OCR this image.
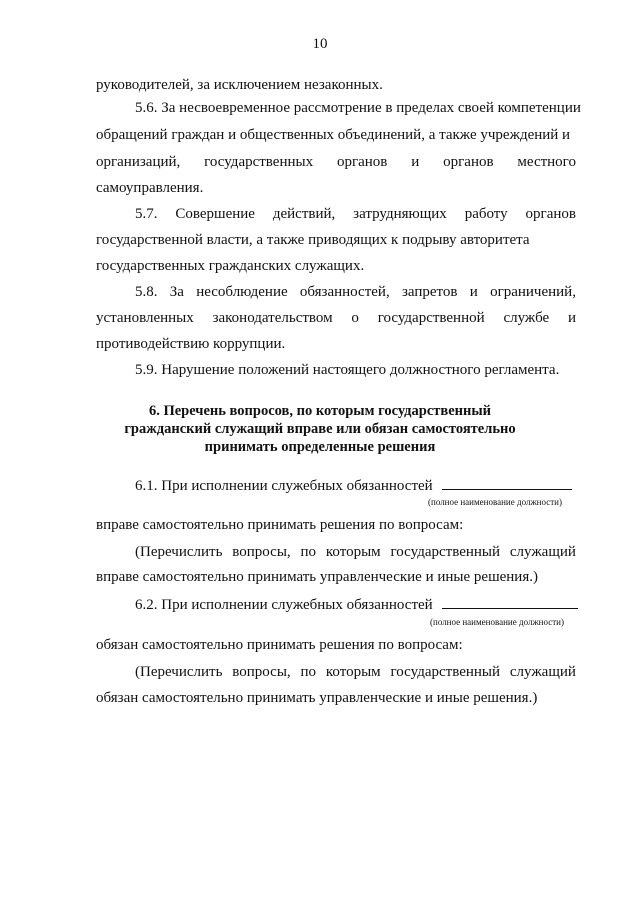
10
руководителей, за исключением незаконных.
5.6. За несвоевременное рассмотрение в пределах своей компетенции
обращений граждан и общественных объединений, а также учреждений и
организаций, государственных органов и органов местного
самоуправления.
5.7. Совершение действий, затрудняющих работу органов
государственной власти, а также приводящих к подрыву авторитета
государственных гражданских служащих.
5.8. За несоблюдение обязанностей, запретов и ограничений,
установленных законодательством о государственной службе и
противодействию коррупции.
5.9. Нарушение положений настоящего должностного регламента.
6. Перечень вопросов, по которым государственный
гражданский служащий вправе или обязан самостоятельно
принимать определенные решения
6.1. При исполнении служебных обязанностей
(полное наименование должности)
вправе самостоятельно принимать решения по вопросам:
(Перечислить вопросы, по которым государственный служащий
вправе самостоятельно принимать управленческие и иные решения.)
6.2. При исполнении служебных обязанностей
(полное наименование должности)
обязан самостоятельно принимать решения по вопросам:
(Перечислить вопросы, по которым государственный служащий
обязан самостоятельно принимать управленческие и иные решения.)
